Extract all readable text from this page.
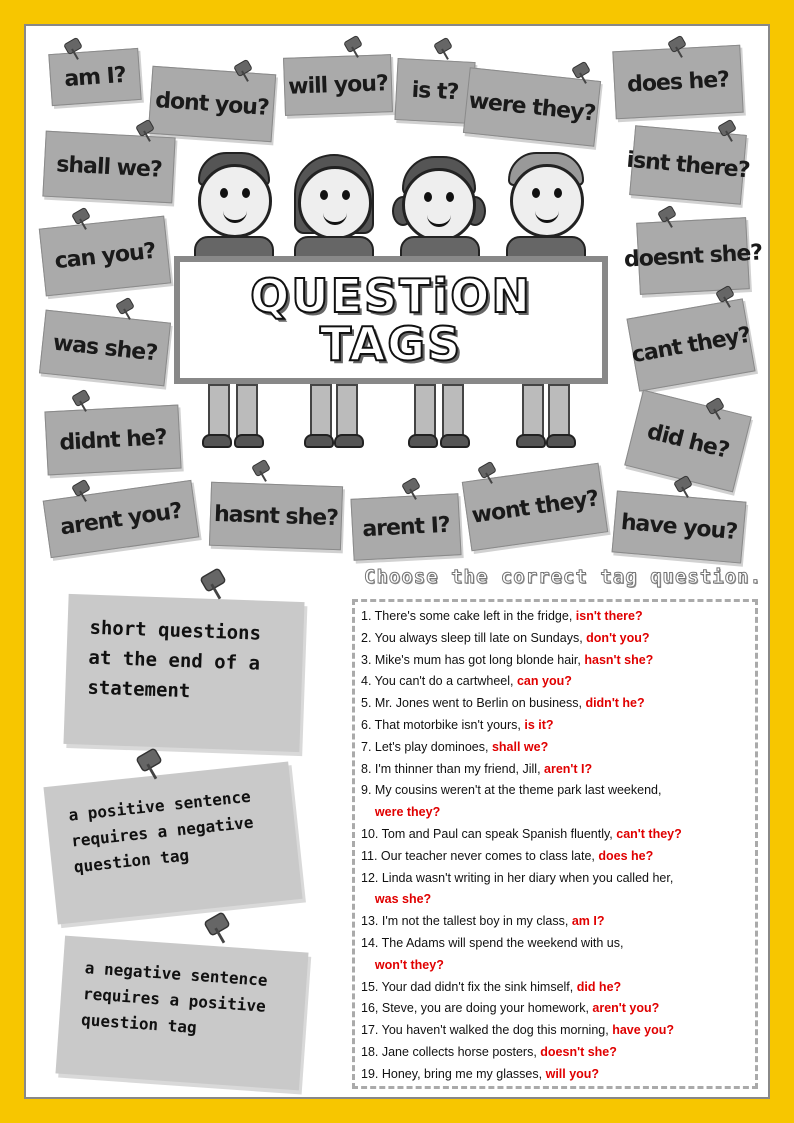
am I?
dont you?
will you? is t? were they?
does he?
shall we?	isnt there?
can you?	doesnt she?
was she?	cant they?
didnt he?	did he?
arent you? hasnt she? arent I? wont they? have you?
QUESTiON
TAGS
short questions at the end of a statement
a positive sentence requires a negative question tag
a negative sentence requires a positive question tag
Choose the correct tag question.
1. There's some cake left in the fridge, isn't there?
2. You always sleep till late on Sundays, don't you?
3. Mike's mum has got long blonde hair, hasn't she?
4. You can't do a cartwheel, can you?
5. Mr. Jones went to Berlin on business, didn't he?
6. That motorbike isn't yours, is it?
7. Let's play dominoes, shall we?
8. I'm thinner than my friend, Jill, aren't I?
9. My cousins weren't at the theme park last weekend,
were they?
10. Tom and Paul can speak Spanish fluently, can't they?
11. Our teacher never comes to class late, does he?
12. Linda wasn't writing in her diary when you called her,
was she?
13. I'm not the tallest boy in my class, am I?
14. The Adams will spend the weekend with us,
won't they?
15. Your dad didn't fix the sink himself, did he?
16, Steve, you are doing your homework, aren't you?
17. You haven't walked the dog this morning, have you?
18. Jane collects horse posters, doesn't she?
19. Honey, bring me my glasses, will you?
